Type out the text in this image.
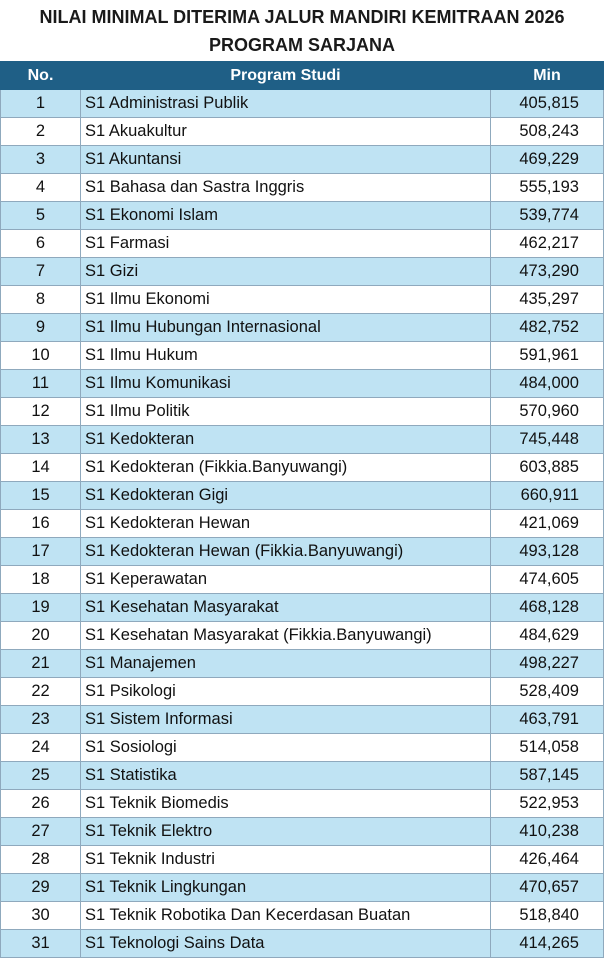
NILAI MINIMAL DITERIMA JALUR MANDIRI KEMITRAAN 2026
PROGRAM SARJANA
No.	Program Studi	Min
1	S1 Administrasi Publik	405,815
2	S1 Akuakultur	508,243
3	S1 Akuntansi	469,229
4	S1 Bahasa dan Sastra Inggris	555,193
5	S1 Ekonomi Islam	539,774
6	S1 Farmasi	462,217
7	S1 Gizi	473,290
8	S1 Ilmu Ekonomi	435,297
9	S1 Ilmu Hubungan Internasional	482,752
10	S1 Ilmu Hukum	591,961
11	S1 Ilmu Komunikasi	484,000
12	S1 Ilmu Politik	570,960
13	S1 Kedokteran	745,448
14	S1 Kedokteran (Fikkia.Banyuwangi)	603,885
15	S1 Kedokteran Gigi	660,911
16	S1 Kedokteran Hewan	421,069
17	S1 Kedokteran Hewan (Fikkia.Banyuwangi)	493,128
18	S1 Keperawatan	474,605
19	S1 Kesehatan Masyarakat	468,128
20	S1 Kesehatan Masyarakat (Fikkia.Banyuwangi)	484,629
21	S1 Manajemen	498,227
22	S1 Psikologi	528,409
23	S1 Sistem Informasi	463,791
24	S1 Sosiologi	514,058
25	S1 Statistika	587,145
26	S1 Teknik Biomedis	522,953
27	S1 Teknik Elektro	410,238
28	S1 Teknik Industri	426,464
29	S1 Teknik Lingkungan	470,657
30	S1 Teknik Robotika Dan Kecerdasan Buatan	518,840
31	S1 Teknologi Sains Data	414,265
